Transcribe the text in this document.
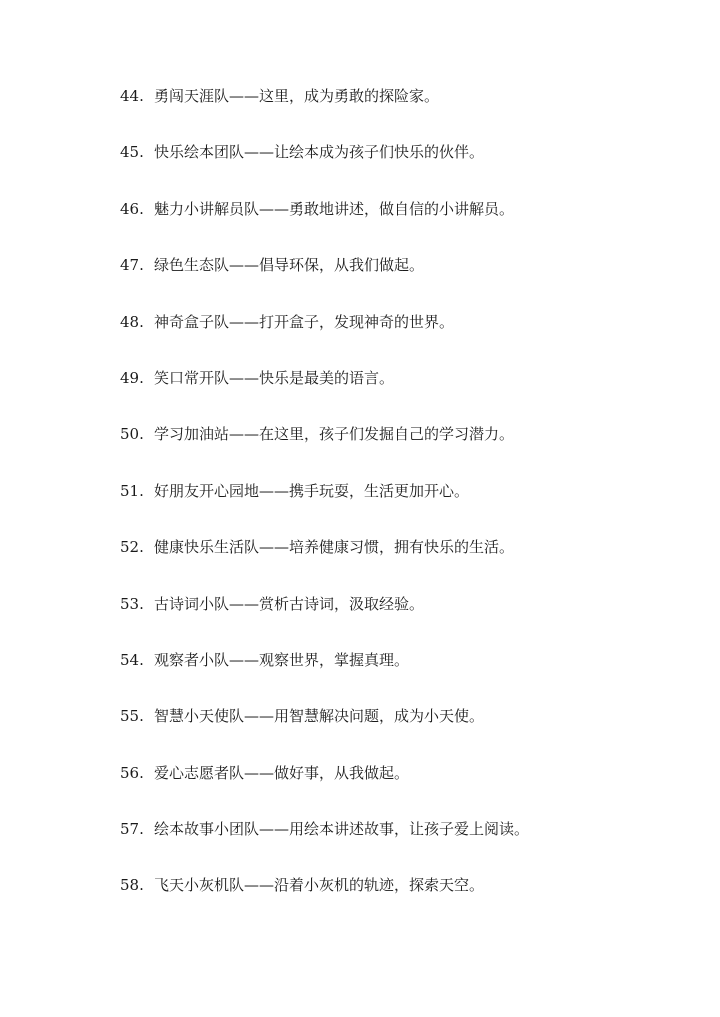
44. 勇闯天涯队——这里，成为勇敢的探险家。
45. 快乐绘本团队——让绘本成为孩子们快乐的伙伴。
46. 魅力小讲解员队——勇敢地讲述，做自信的小讲解员。
47. 绿色生态队——倡导环保，从我们做起。
48. 神奇盒子队——打开盒子，发现神奇的世界。
49. 笑口常开队——快乐是最美的语言。
50. 学习加油站——在这里，孩子们发掘自己的学习潜力。
51. 好朋友开心园地——携手玩耍，生活更加开心。
52. 健康快乐生活队——培养健康习惯，拥有快乐的生活。
53. 古诗词小队——赏析古诗词，汲取经验。
54. 观察者小队——观察世界，掌握真理。
55. 智慧小天使队——用智慧解决问题，成为小天使。
56. 爱心志愿者队——做好事，从我做起。
57. 绘本故事小团队——用绘本讲述故事，让孩子爱上阅读。
58. 飞天小灰机队——沿着小灰机的轨迹，探索天空。
